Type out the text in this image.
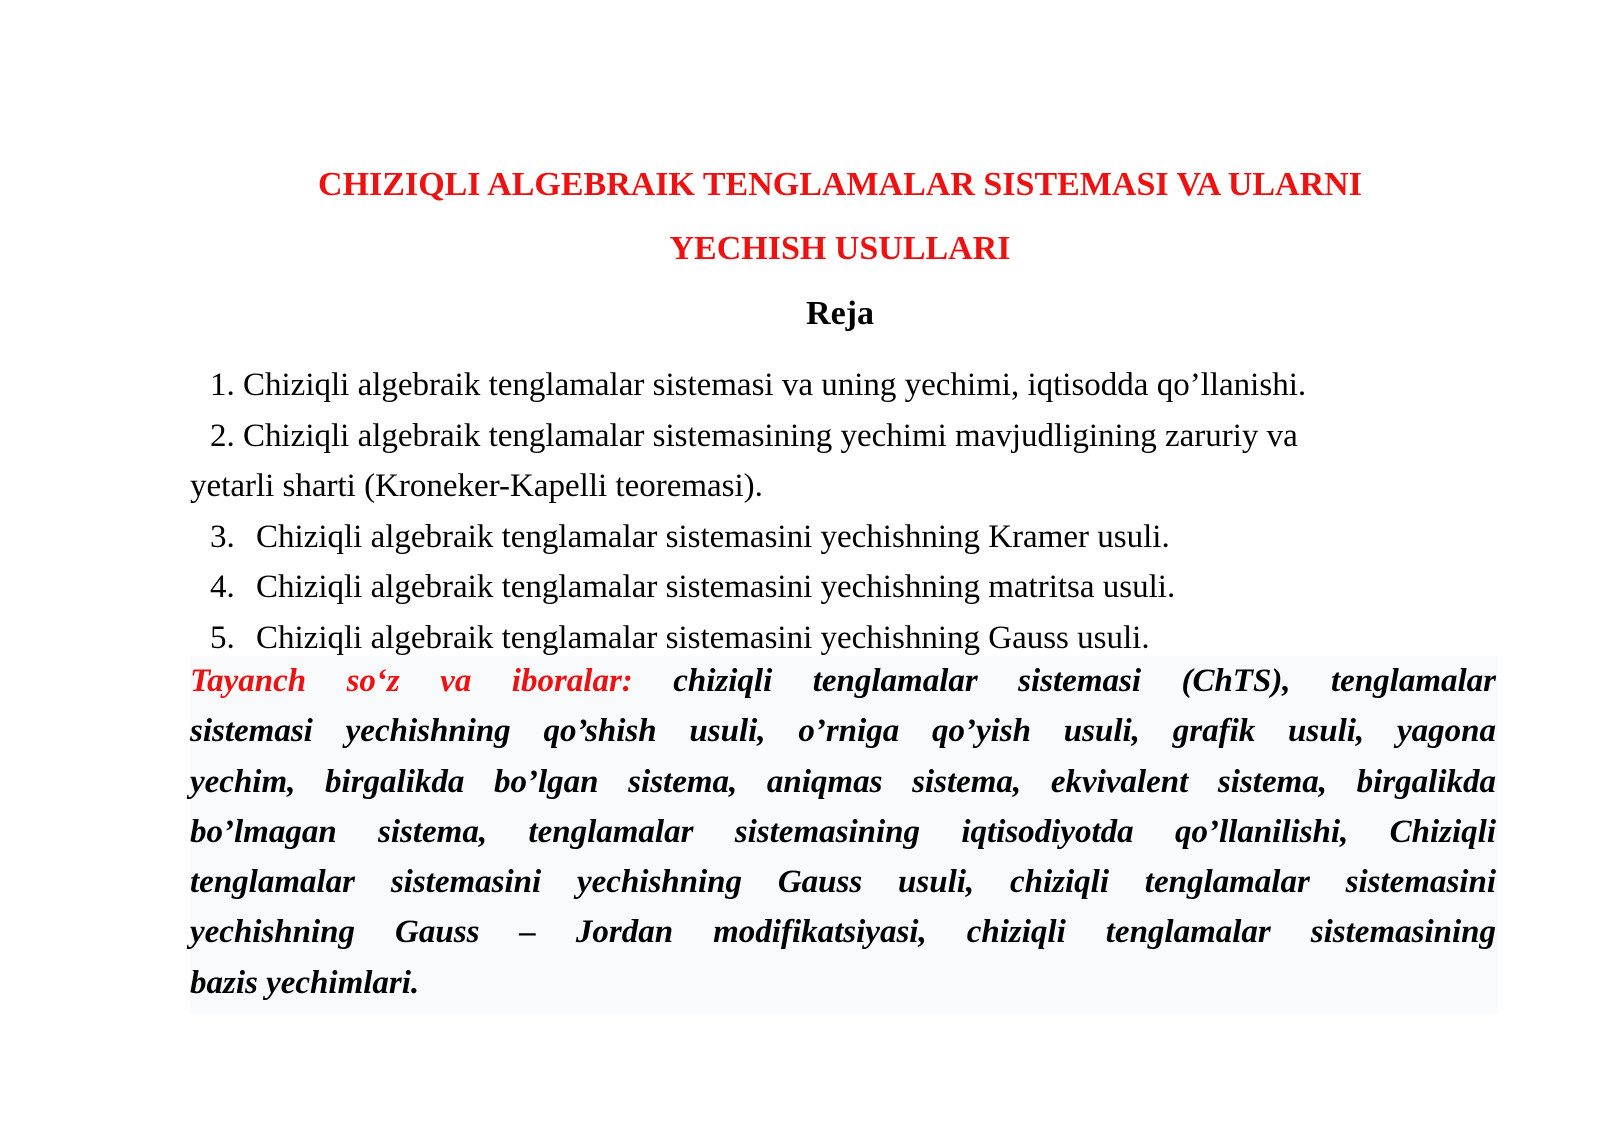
CHIZIQLI ALGEBRAIK TENGLAMALAR SISTEMASI VA ULARNI
YECHISH USULLARI
Reja
1. Chiziqli algebraik tenglamalar sistemasi va uning yechimi, iqtisodda qo’llanishi.
2. Chiziqli algebraik tenglamalar sistemasining yechimi mavjudligining zaruriy va
yetarli sharti (Kroneker-Kapelli teoremasi).
3. Chiziqli algebraik tenglamalar sistemasini yechishning Kramer usuli.
4. Chiziqli algebraik tenglamalar sistemasini yechishning matritsa usuli.
5. Chiziqli algebraik tenglamalar sistemasini yechishning Gauss usuli.
Tayanch so‘z va iboralar: chiziqli tenglamalar sistemasi (ChTS), tenglamalar
sistemasi yechishning qo’shish usuli, o’rniga qo’yish usuli, grafik usuli, yagona
yechim, birgalikda bo’lgan sistema, aniqmas sistema, ekvivalent sistema, birgalikda
bo’lmagan sistema, tenglamalar sistemasining iqtisodiyotda qo’llanilishi, Chiziqli
tenglamalar sistemasini yechishning Gauss usuli, chiziqli tenglamalar sistemasini
yechishning Gauss – Jordan modifikatsiyasi, chiziqli tenglamalar sistemasining
bazis yechimlari.
